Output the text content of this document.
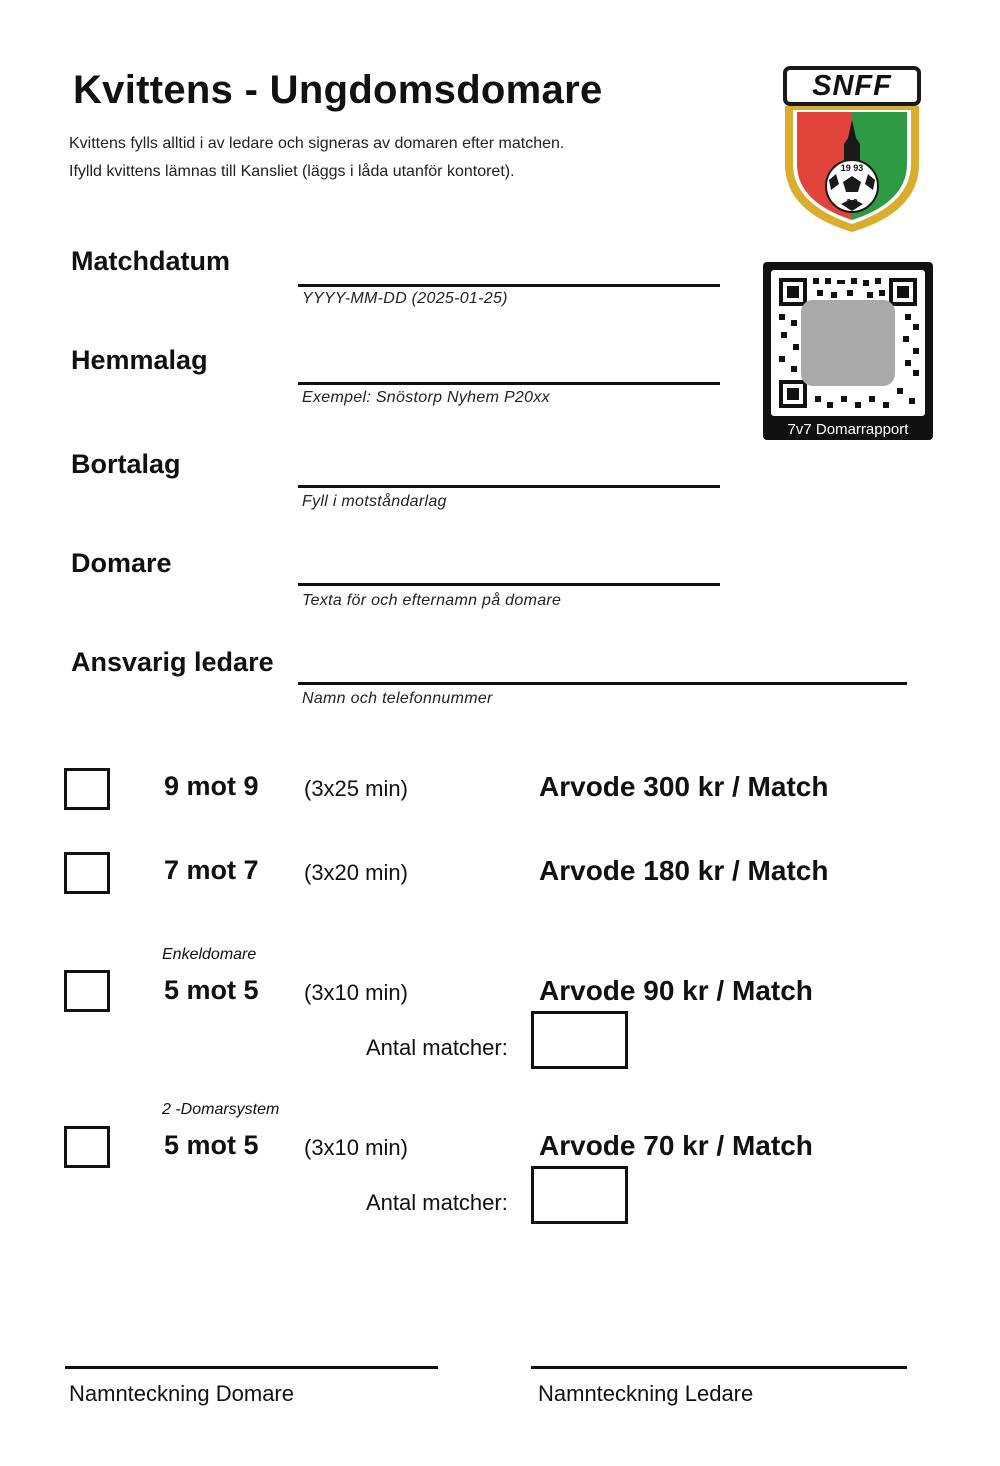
Kvittens - Ungdomsdomare
Kvittens fylls alltid i av ledare och signeras av domaren efter matchen.
Ifylld kvittens lämnas till Kansliet (läggs i låda utanför kontoret).
SNFF
19 93
3.3
7v7 Domarrapport
Matchdatum
YYYY-MM-DD (2025-01-25)
Hemmalag
Exempel: Snöstorp Nyhem P20xx
Bortalag
Fyll i motståndarlag
Domare
Texta för och efternamn på domare
Ansvarig ledare
Namn och telefonnummer
9 mot 9 (3x25 min)	Arvode 300 kr / Match
7 mot 7 (3x20 min)	Arvode 180 kr / Match
Enkeldomare
5 mot 5 (3x10 min)	Arvode 90 kr / Match
Antal matcher:
2 -Domarsystem
5 mot 5 (3x10 min)	Arvode 70 kr / Match
Antal matcher:
Namnteckning Domare	Namnteckning Ledare
